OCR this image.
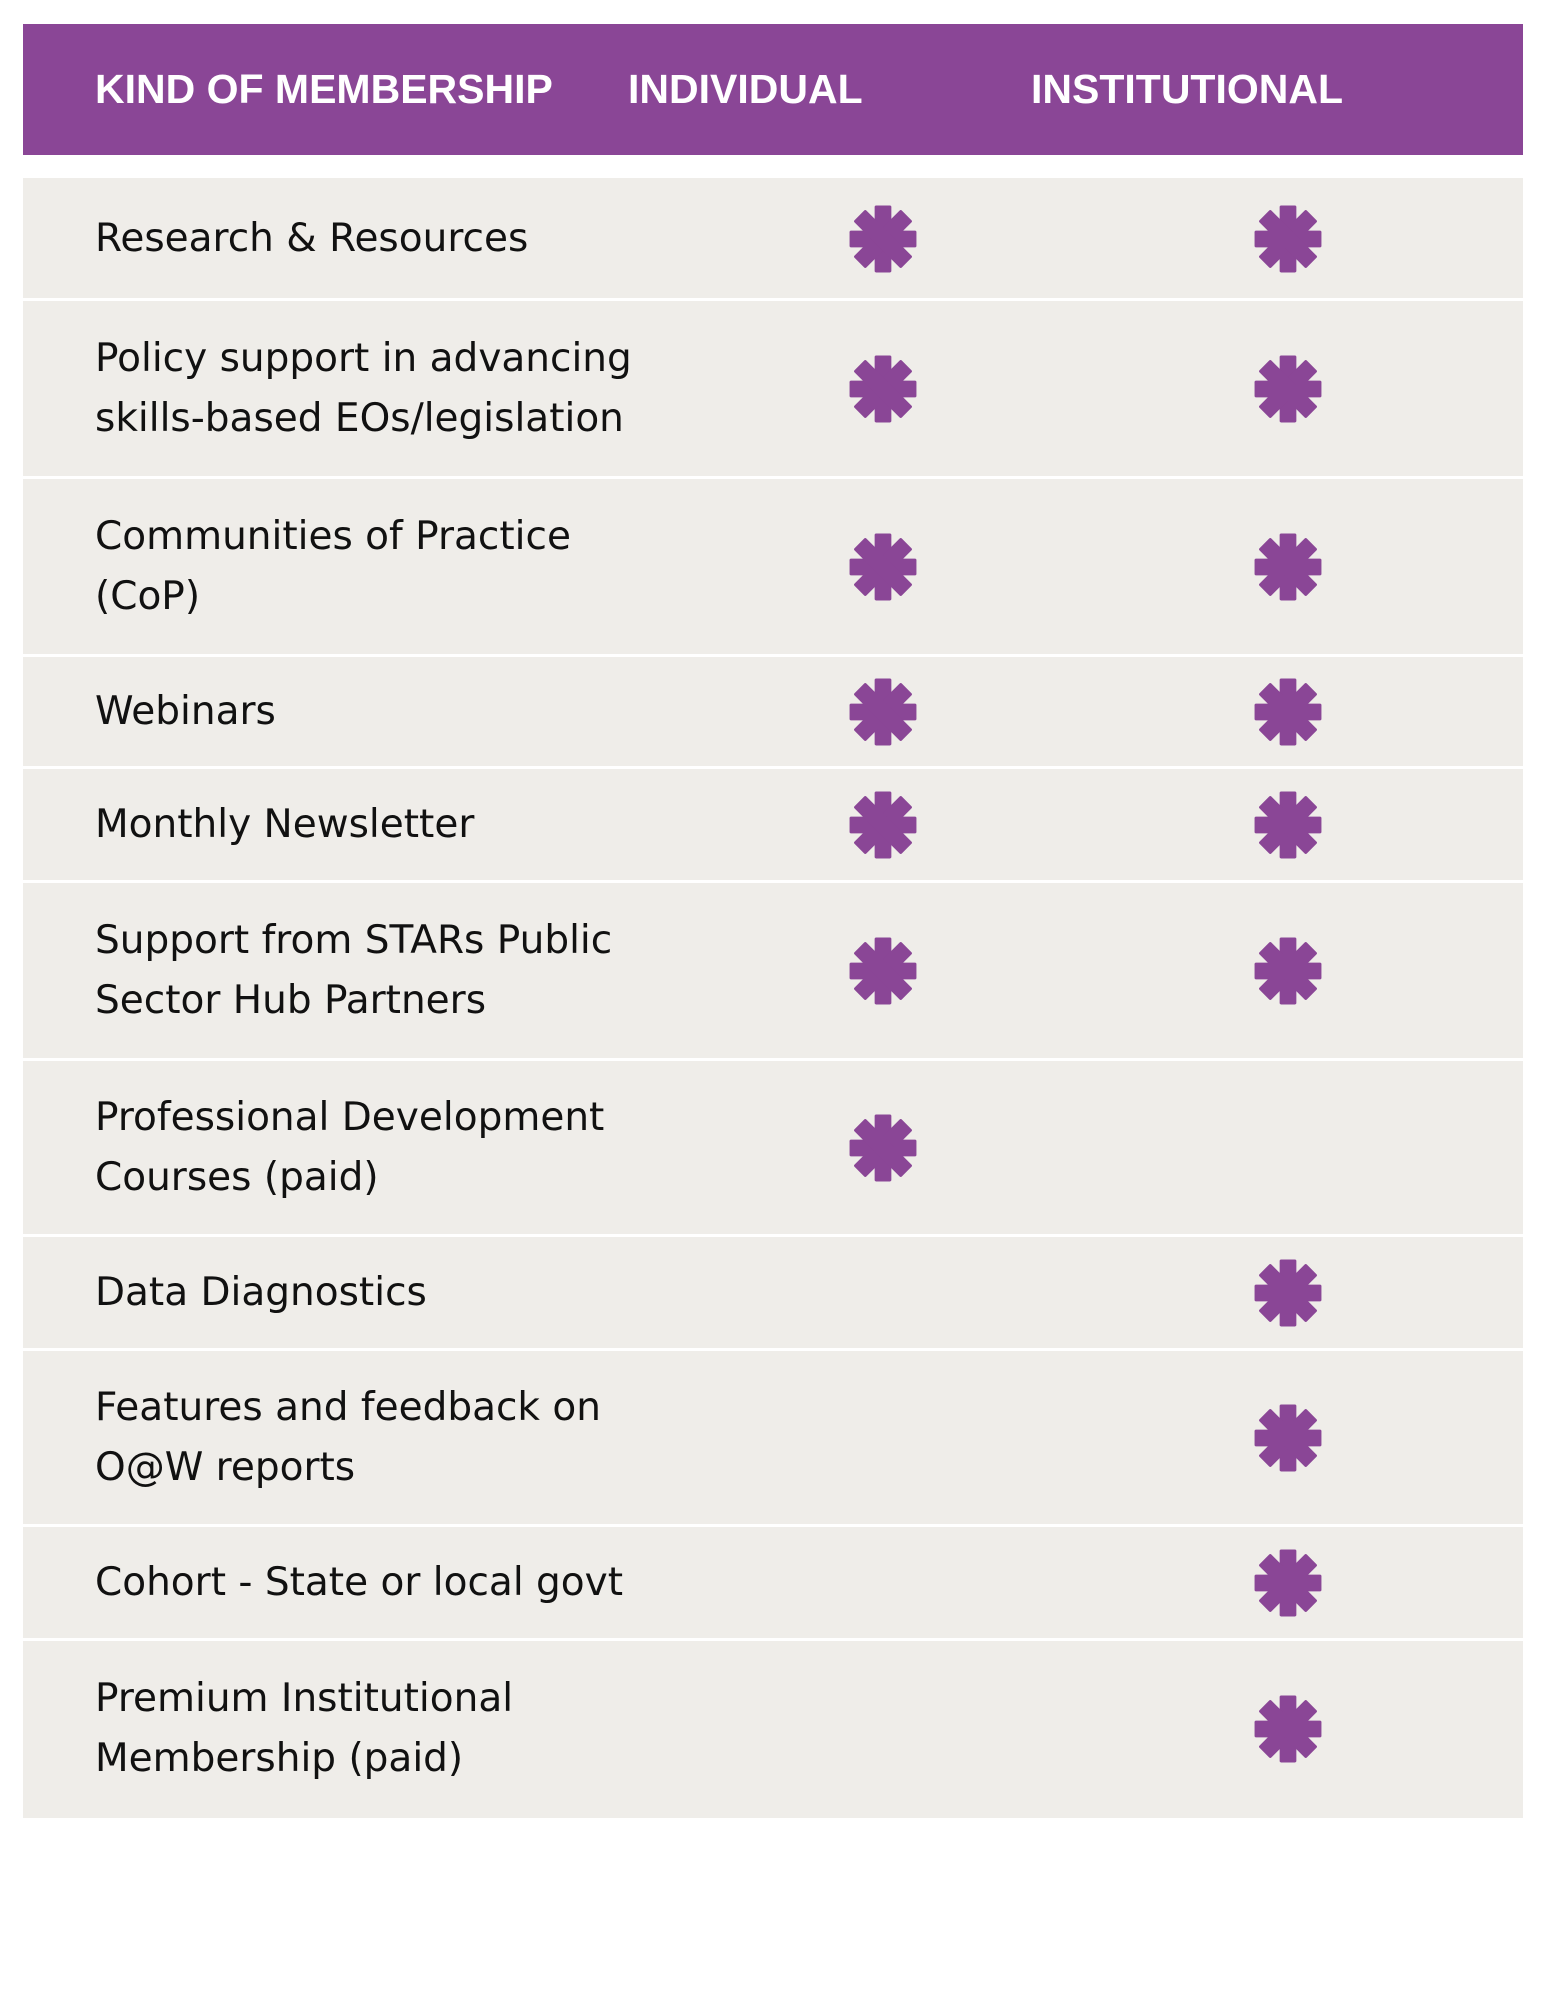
KIND OF MEMBERSHIP INDIVIDUAL	INSTITUTIONAL
Research & Resources
Policy support in advancing skills-based EOs/legislation
Communities of Practice (CoP)
Webinars
Monthly Newsletter
Support from STARs Public Sector Hub Partners
Professional Development Courses (paid)
Data Diagnostics
Features and feedback on O@W reports
Cohort - State or local govt
Premium Institutional Membership (paid)
